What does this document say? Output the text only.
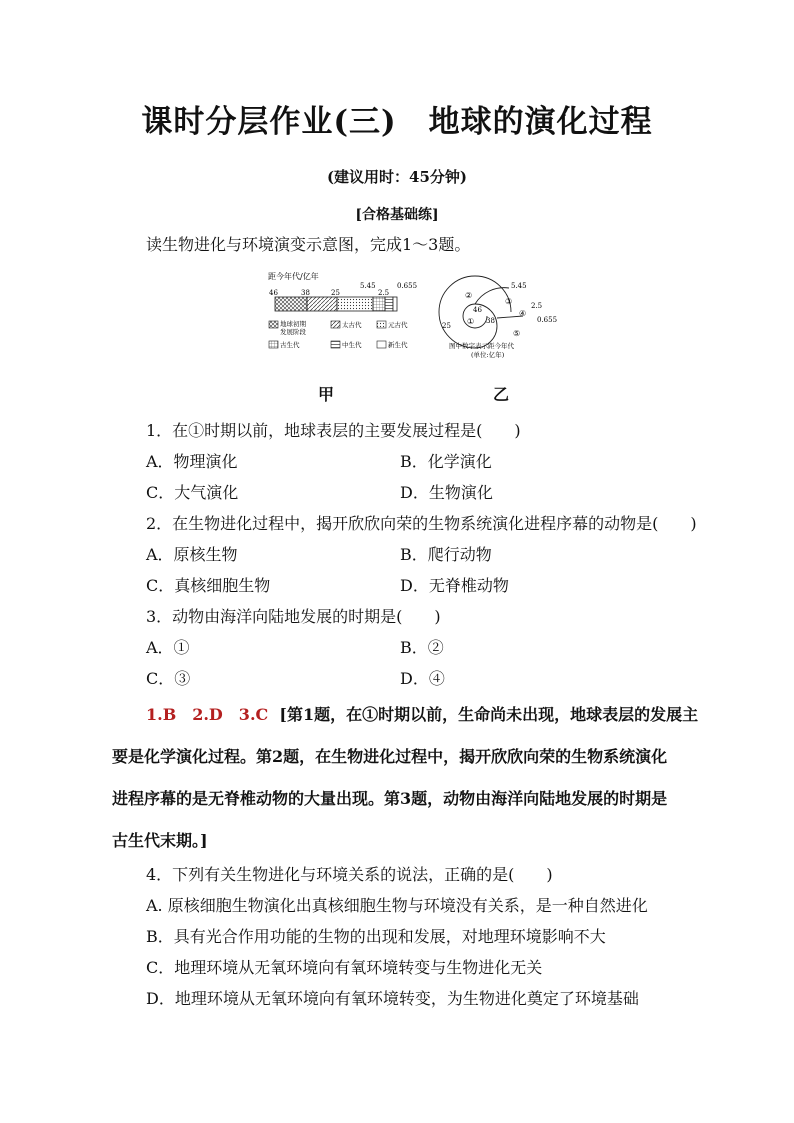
课时分层作业(三)　地球的演化过程
(建议用时：45分钟)
[合格基础练]
读生物进化与环境演变示意图，完成1～3题。
距今年代/亿年
46	38	25
5.45
2.5
0.655
地球初期
发展阶段
太古代	元古代
古生代	中生代	新生代
5.45
2.5
0.655
46
38
25 ①
②
③
④
⑤
图中数字表示距今年代
(单位:亿年)
甲	乙
1．在①时期以前，地球表层的主要发展过程是(　　)
A．物理演化	B．化学演化
C．大气演化	D．生物演化
2．在生物进化过程中，揭开欣欣向荣的生物系统演化进程序幕的动物是(　　)
A．原核生物	B．爬行动物
C．真核细胞生物	D．无脊椎动物
3．动物由海洋向陆地发展的时期是(　　)
A．①	B．②
C．③	D．④
1.B　2.D　3.C [第1题，在①时期以前，生命尚未出现，地球表层的发展主
要是化学演化过程。第2题，在生物进化过程中，揭开欣欣向荣的生物系统演化
进程序幕的是无脊椎动物的大量出现。第3题，动物由海洋向陆地发展的时期是
古生代末期。]
4．下列有关生物进化与环境关系的说法，正确的是(　　)
A. 原核细胞生物演化出真核细胞生物与环境没有关系，是一种自然进化
B．具有光合作用功能的生物的出现和发展，对地理环境影响不大
C．地理环境从无氧环境向有氧环境转变与生物进化无关
D．地理环境从无氧环境向有氧环境转变，为生物进化奠定了环境基础
